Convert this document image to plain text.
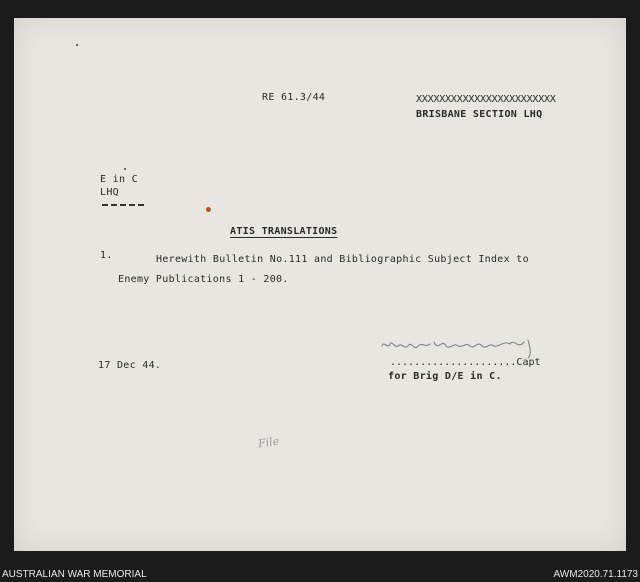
RE 61.3/44	XXXXXXXXXXXXXXXXXXXXXXXX
BRISBANE SECTION LHQ
E in C
LHQ
ATIS TRANSLATIONS
1.	Herewith Bulletin No.111 and Bibliographic Subject Index to
Enemy Publications 1 - 200.
17 Dec 44.	.....................Capt
for Brig D/E in C.
File
AUSTRALIAN WAR MEMORIAL	AWM2020.71.1173
